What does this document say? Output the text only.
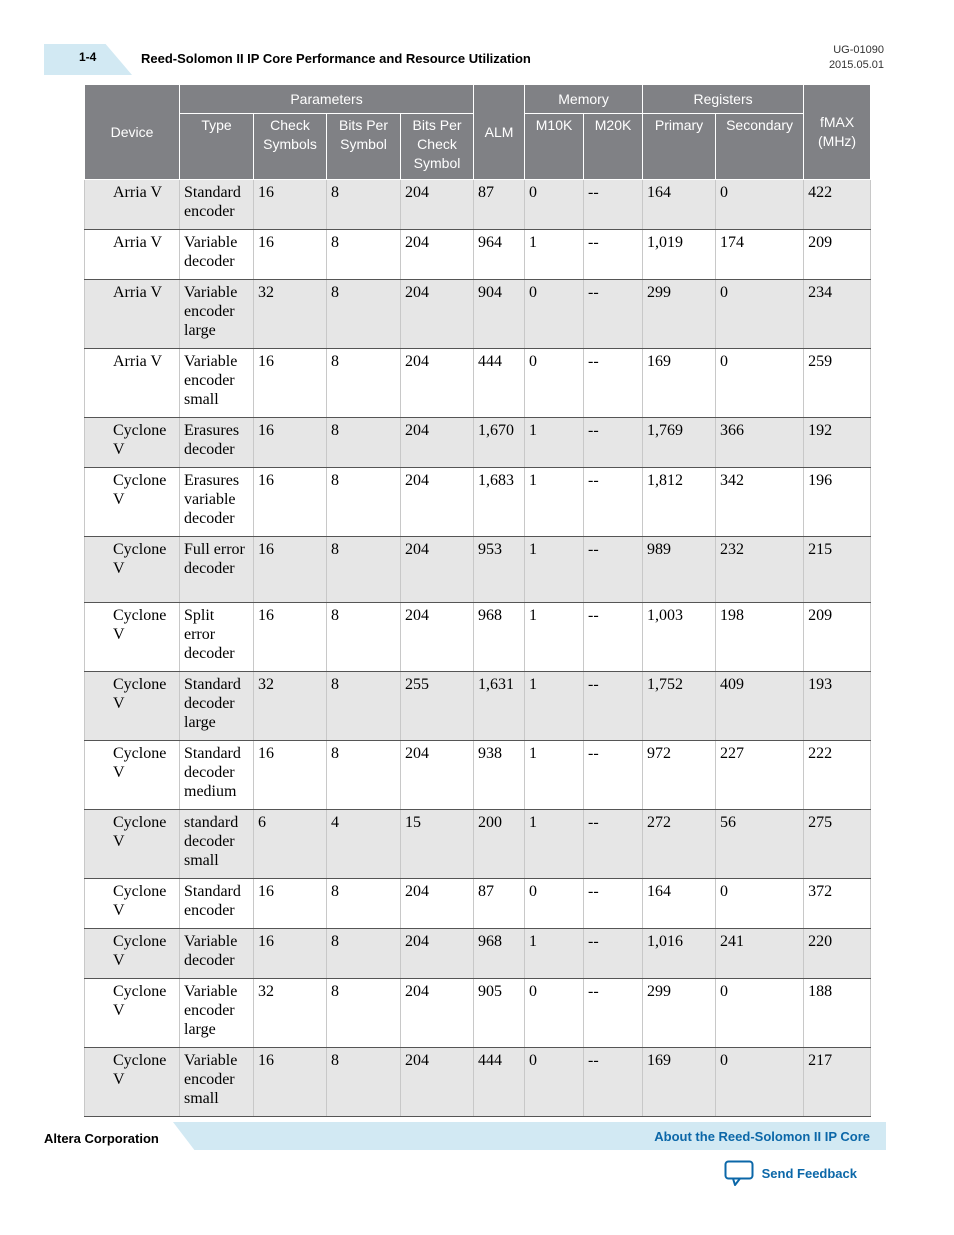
1-4	Reed-Solomon II IP Core Performance and Resource Utilization
UG-01090
2015.05.01
Device	Parameters				ALM	Memory		Registers		fMAX (MHz)
	Type	Check Symbols	Bits Per Symbol	Bits Per Check Symbol		M10K	M20K	Primary	Secondary	
Arria V	Standard encoder	16	8	204	87	0	--	164	0	422
Arria V	Variable decoder	16	8	204	964	1	--	1,019	174	209
Arria V	Variable encoder large	32	8	204	904	0	--	299	0	234
Arria V	Variable encoder small	16	8	204	444	0	--	169	0	259
Cyclone V	Erasures decoder	16	8	204	1,670	1	--	1,769	366	192
Cyclone V	Erasures variable decoder	16	8	204	1,683	1	--	1,812	342	196
Cyclone V	Full error decoder	16	8	204	953	1	--	989	232	215
Cyclone V	Split error decoder	16	8	204	968	1	--	1,003	198	209
Cyclone V	Standard decoder large	32	8	255	1,631	1	--	1,752	409	193
Cyclone V	Standard decoder medium	16	8	204	938	1	--	972	227	222
Cyclone V	standard decoder small	6	4	15	200	1	--	272	56	275
Cyclone V	Standard encoder	16	8	204	87	0	--	164	0	372
Cyclone V	Variable decoder	16	8	204	968	1	--	1,016	241	220
Cyclone V	Variable encoder large	32	8	204	905	0	--	299	0	188
Cyclone V	Variable encoder small	16	8	204	444	0	--	169	0	217
Altera Corporation	About the Reed-Solomon II IP Core
Send Feedback
